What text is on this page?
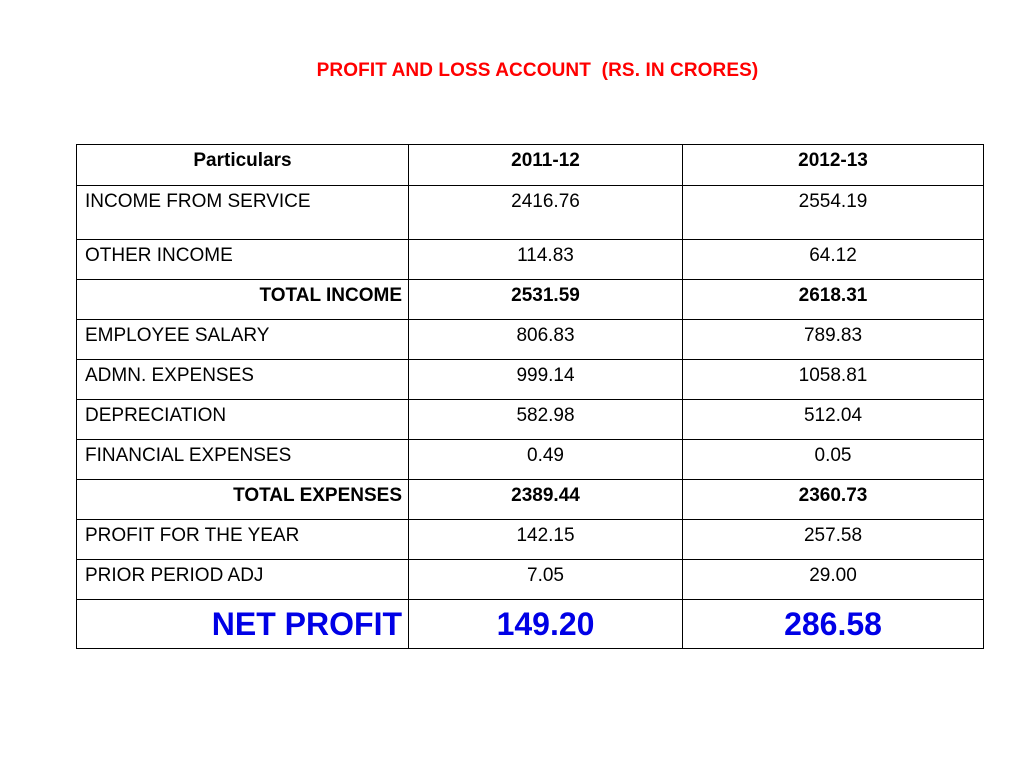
PROFIT AND LOSS ACCOUNT  (RS. IN CRORES)
Particulars	2011-12	2012-13
INCOME FROM SERVICE	2416.76	2554.19
OTHER INCOME	114.83	64.12
TOTAL INCOME	2531.59	2618.31
EMPLOYEE SALARY	806.83	789.83
ADMN. EXPENSES	999.14	1058.81
DEPRECIATION	582.98	512.04
FINANCIAL EXPENSES	0.49	0.05
TOTAL EXPENSES	2389.44	2360.73
PROFIT FOR THE YEAR	142.15	257.58
PRIOR PERIOD ADJ	7.05	29.00
NET PROFIT	149.20	286.58
